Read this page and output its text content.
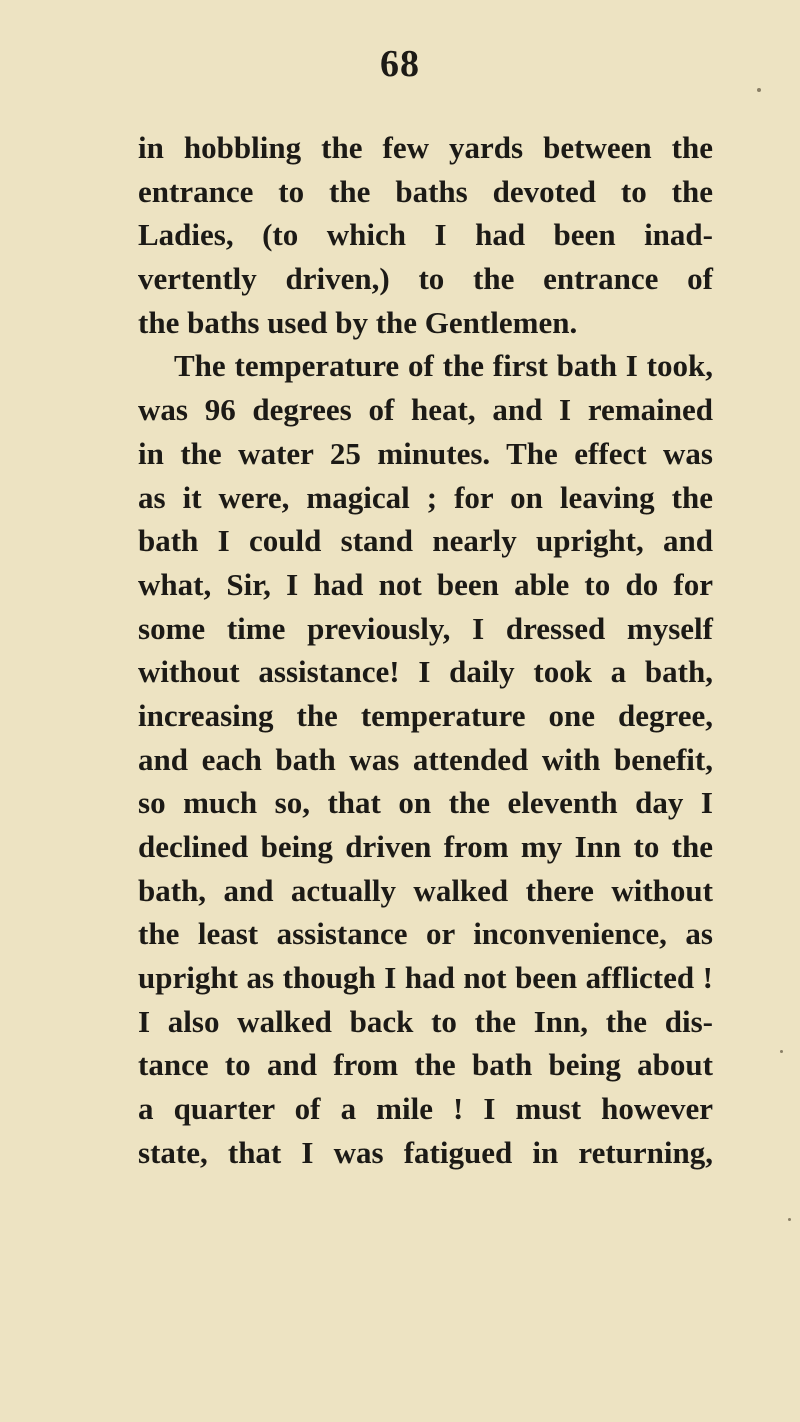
68
in hobbling the few yards between the
entrance to the baths devoted to the
Ladies, (to which I had been inad-
vertently driven,) to the entrance of
the baths used by the Gentlemen.
The temperature of the first bath I took,
was 96 degrees of heat, and I remained
in the water 25 minutes. The effect was
as it were, magical ; for on leaving the
bath I could stand nearly upright, and
what, Sir, I had not been able to do for
some time previously, I dressed myself
without assistance! I daily took a bath,
increasing the temperature one degree,
and each bath was attended with benefit,
so much so, that on the eleventh day I
declined being driven from my Inn to the
bath, and actually walked there without
the least assistance or inconvenience, as
upright as though I had not been afflicted !
I also walked back to the Inn, the dis-
tance to and from the bath being about
a quarter of a mile ! I must however
state, that I was fatigued in returning,
